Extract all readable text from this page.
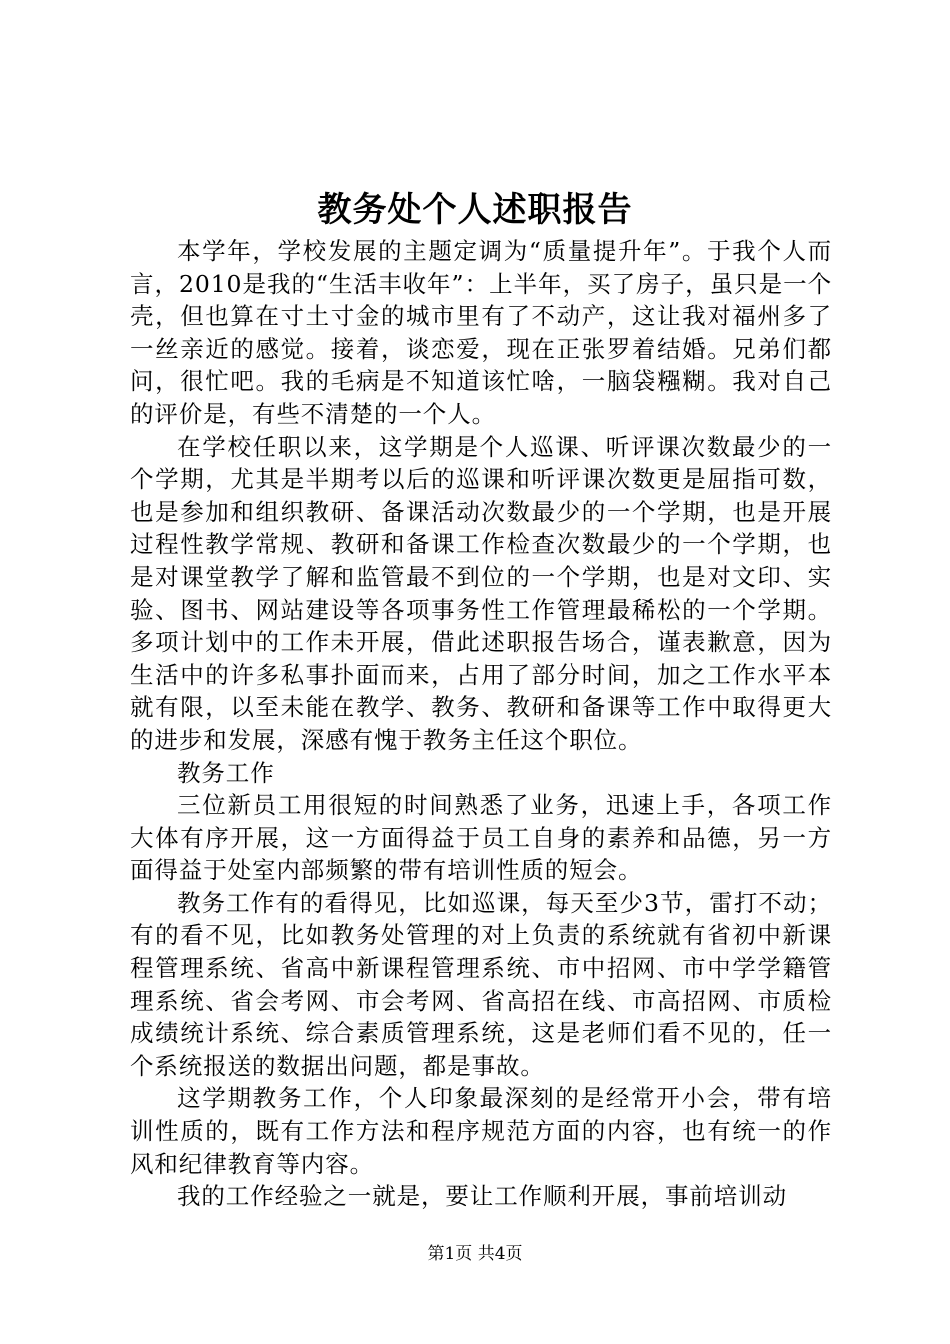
教务处个人述职报告

本学年，学校发展的主题定调为“质量提升年”。于我个人而言，2010是我的“生活丰收年”：上半年，买了房子，虽只是一个壳，但也算在寸土寸金的城市里有了不动产，这让我对福州多了一丝亲近的感觉。接着，谈恋爱，现在正张罗着结婚。兄弟们都问，很忙吧。我的毛病是不知道该忙啥，一脑袋糨糊。我对自己的评价是，有些不清楚的一个人。

在学校任职以来，这学期是个人巡课、听评课次数最少的一个学期，尤其是半期考以后的巡课和听评课次数更是屈指可数，也是参加和组织教研、备课活动次数最少的一个学期，也是开展过程性教学常规、教研和备课工作检查次数最少的一个学期，也是对课堂教学了解和监管最不到位的一个学期，也是对文印、实验、图书、网站建设等各项事务性工作管理最稀松的一个学期。多项计划中的工作未开展，借此述职报告场合，谨表歉意，因为生活中的许多私事扑面而来，占用了部分时间，加之工作水平本就有限，以至未能在教学、教务、教研和备课等工作中取得更大的进步和发展，深感有愧于教务主任这个职位。

教务工作

三位新员工用很短的时间熟悉了业务，迅速上手，各项工作大体有序开展，这一方面得益于员工自身的素养和品德，另一方面得益于处室内部频繁的带有培训性质的短会。

教务工作有的看得见，比如巡课，每天至少3节，雷打不动；有的看不见，比如教务处管理的对上负责的系统就有省初中新课程管理系统、省高中新课程管理系统、市中招网、市中学学籍管理系统、省会考网、市会考网、省高招在线、市高招网、市质检成绩统计系统、综合素质管理系统，这是老师们看不见的，任一个系统报送的数据出问题，都是事故。

这学期教务工作，个人印象最深刻的是经常开小会，带有培训性质的，既有工作方法和程序规范方面的内容，也有统一的作风和纪律教育等内容。

我的工作经验之一就是，要让工作顺利开展，事前培训动

第1页 共4页
